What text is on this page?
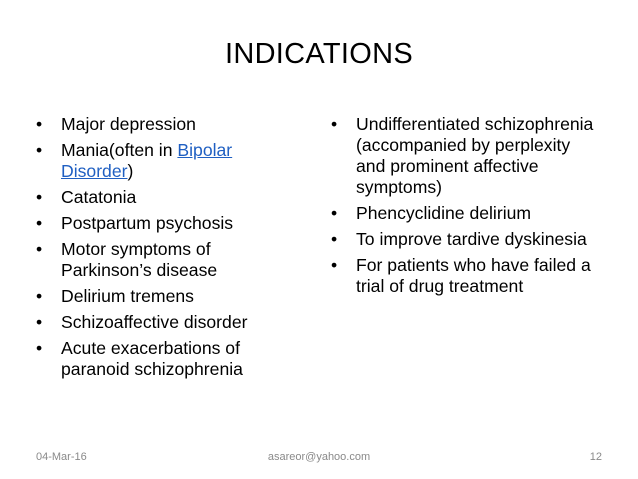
INDICATIONS
•	Major depression
•	Mania(often in Bipolar Disorder)
•	Catatonia
•	Postpartum psychosis
•	Motor symptoms of Parkinson’s disease
•	Delirium tremens
•	Schizoaffective disorder
•	Acute exacerbations of paranoid schizophrenia
•	Undifferentiated schizophrenia (accompanied by perplexity and prominent affective symptoms)
•	Phencyclidine delirium
•	To improve tardive dyskinesia
•	For patients who have failed a trial of drug treatment
04-Mar-16	asareor@yahoo.com	12
